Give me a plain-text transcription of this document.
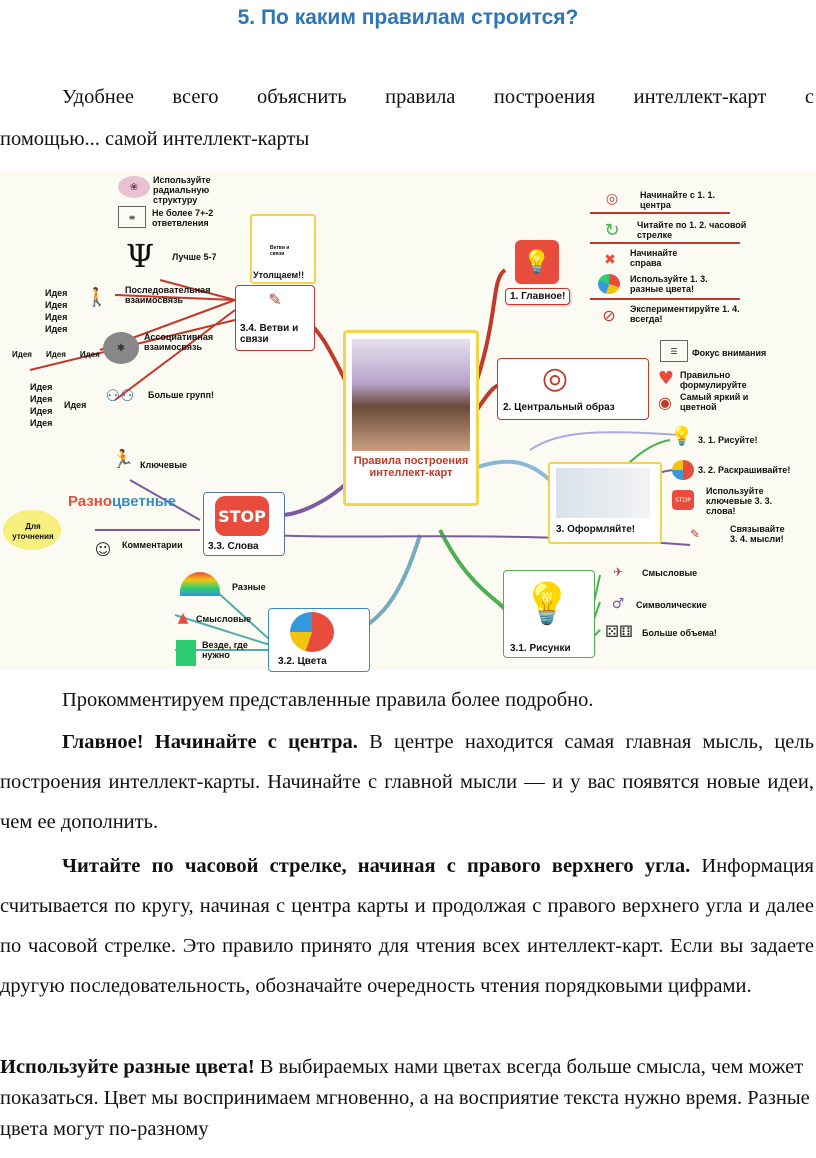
5. По каким правилам строится?
Удобнее всего объяснить правила построения интеллект-карт с
помощью... самой интеллект-карты
Правила построения интеллект-карт
💡
1. Главное!
Начинайте с 1. 1. центра
◎
Читайте по 1. 2. часовой стрелке
↻
Начинайте справа
✖
Используйте 1. 3. разные цвета!
Экспериментируйте 1. 4. всегда!
⊘
◎
2. Центральный образ
Фокус внимания
☰
Правильно формулируйте
♥
Самый яркий и цветной
◉
3. Оформляйте!
💡 3. 1. Рисуйте!
3. 2. Раскрашивайте!
STOP
Используйте ключевые 3. 3. слова!
✎	Связывайте 3. 4. мысли!
💡
3.1. Рисунки
✈	Смысловые
♂	Символические
⚄⚅	Больше объема!
3.2. Цвета
Разные
▲ Смысловые
Везде, где нужно
STOP
3.3. Слова
🏃 Ключевые
Разноцветные
☺ Комментарии
Для уточнения
✎
3.4. Ветви и связи
Ветви и связи
Утолщаем!!
❀
Используйте радиальную структуру
≡	Не более 7+-2 ответвления
Ψ	Лучше 5-7
🚶	Последовательная взаимосвязь
Идея
Идея
Идея
Идея
✱
Ассоциативная взаимосвязь
Идея Идея Идея
⚇⚇	Больше групп!
Идея
Идея
Идея
Идея
Идея
Прокомментируем представленные правила более подробно.
Главное! Начинайте с центра. В центре находится самая главная мысль, цель построения интеллект-карты. Начинайте с главной мысли — и у вас появятся новые идеи, чем ее дополнить.
Читайте по часовой стрелке, начиная с правого верхнего угла. Информация считывается по кругу, начиная с центра карты и продолжая с правого верхнего угла и далее по часовой стрелке. Это правило принято для чтения всех интеллект-карт. Если вы задаете другую последовательность, обозначайте очередность чтения порядковыми цифрами.
Используйте разные цвета! В выбираемых нами цветах всегда больше смысла, чем может показаться. Цвет мы воспринимаем мгновенно, а на восприятие текста нужно время. Разные цвета могут по-разному
